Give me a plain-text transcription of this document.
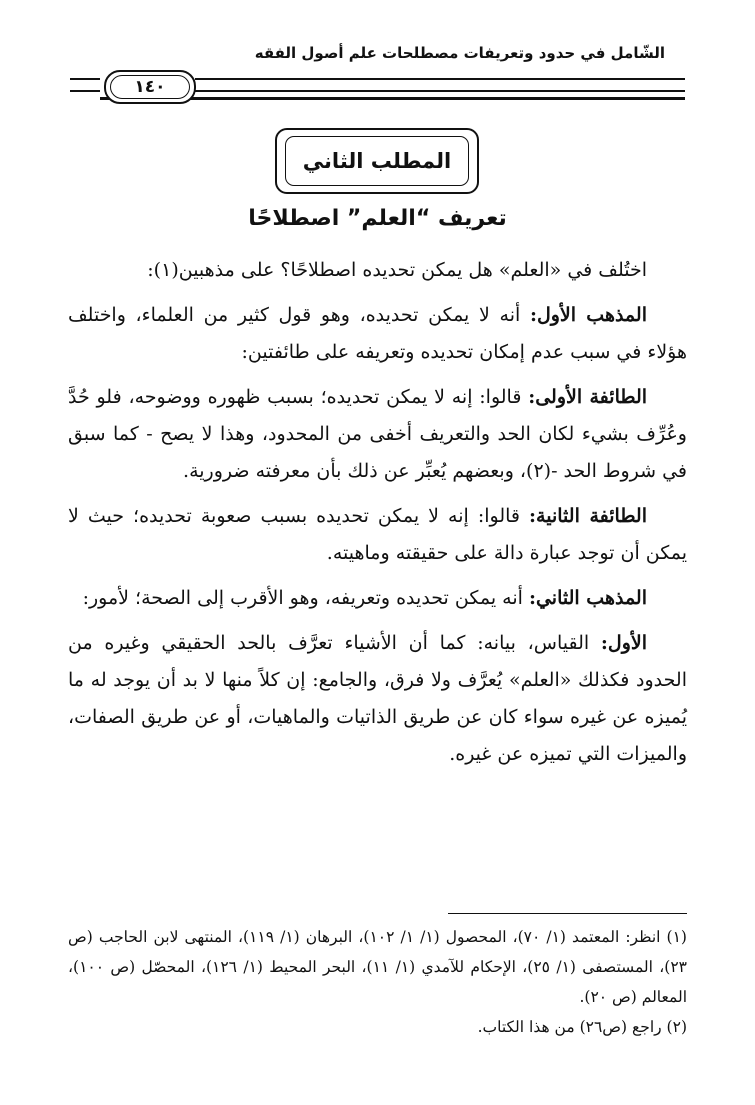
الشّامل في حدود وتعريفات مصطلحات علم أصول الفقه
١٤٠
المطلب الثاني
تعريف “العلم” اصطلاحًا

اختُلف في «العلم» هل يمكن تحديده اصطلاحًا؟ على مذهبين(١):

المذهب الأول: أنه لا يمكن تحديده، وهو قول كثير من العلماء، واختلف هؤلاء في سبب عدم إمكان تحديده وتعريفه على طائفتين:

الطائفة الأولى: قالوا: إنه لا يمكن تحديده؛ بسبب ظهوره ووضوحه، فلو حُدَّ وعُرِّف بشيء لكان الحد والتعريف أخفى من المحدود، وهذا لا يصح - كما سبق في شروط الحد -(٢)، وبعضهم يُعبِّر عن ذلك بأن معرفته ضرورية.

الطائفة الثانية: قالوا: إنه لا يمكن تحديده بسبب صعوبة تحديده؛ حيث لا يمكن أن توجد عبارة دالة على حقيقته وماهيته.

المذهب الثاني: أنه يمكن تحديده وتعريفه، وهو الأقرب إلى الصحة؛ لأمور:

الأول: القياس، بيانه: كما أن الأشياء تعرَّف بالحد الحقيقي وغيره من الحدود فكذلك «العلم» يُعرَّف ولا فرق، والجامع: إن كلاً منها لا بد أن يوجد له ما يُميزه عن غيره سواء كان عن طريق الذاتيات والماهيات، أو عن طريق الصفات، والميزات التي تميزه عن غيره.

(١) انظر: المعتمد (١/ ٧٠)، المحصول (١/ ١/ ١٠٢)، البرهان (١/ ١١٩)، المنتهى لابن الحاجب (ص ٢٣)، المستصفى (١/ ٢٥)، الإحكام للآمدي (١/ ١١)، البحر المحيط (١/ ١٢٦)، المحصّل (ص ١٠٠)، المعالم (ص ٢٠).

(٢) راجع (ص٢٦) من هذا الكتاب.
